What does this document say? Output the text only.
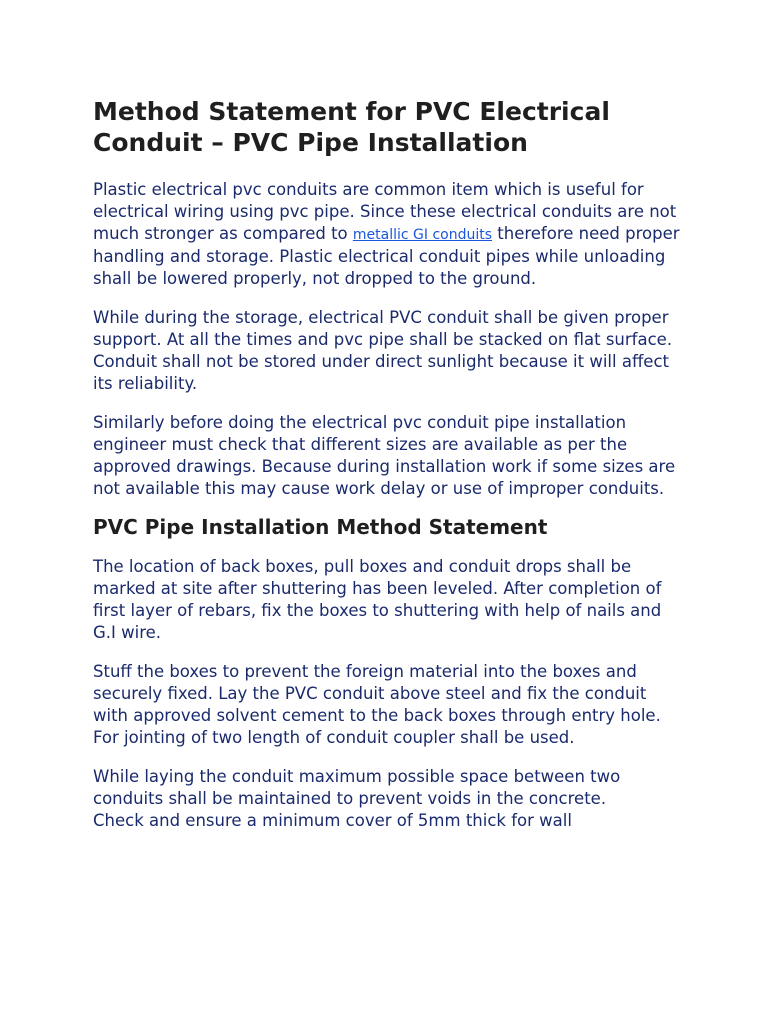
Method Statement for PVC Electrical Conduit – PVC Pipe Installation

Plastic electrical pvc conduits are common item which is useful for electrical wiring using pvc pipe. Since these electrical conduits are not much stronger as compared to metallic GI conduits therefore need proper handling and storage. Plastic electrical conduit pipes while unloading shall be lowered properly, not dropped to the ground.

While during the storage, electrical PVC conduit shall be given proper support. At all the times and pvc pipe shall be stacked on flat surface. Conduit shall not be stored under direct sunlight because it will affect its reliability.

Similarly before doing the electrical pvc conduit pipe installation engineer must check that different sizes are available as per the approved drawings. Because during installation work if some sizes are not available this may cause work delay or use of improper conduits.

PVC Pipe Installation Method Statement

The location of back boxes, pull boxes and conduit drops shall be marked at site after shuttering has been leveled. After completion of first layer of rebars, fix the boxes to shuttering with help of nails and G.I wire.

Stuff the boxes to prevent the foreign material into the boxes and securely fixed. Lay the PVC conduit above steel and fix the conduit with approved solvent cement to the back boxes through entry hole. For jointing of two length of conduit coupler shall be used.

While laying the conduit maximum possible space between two conduits shall be maintained to prevent voids in the concrete. Check and ensure a minimum cover of 5mm thick for wall
